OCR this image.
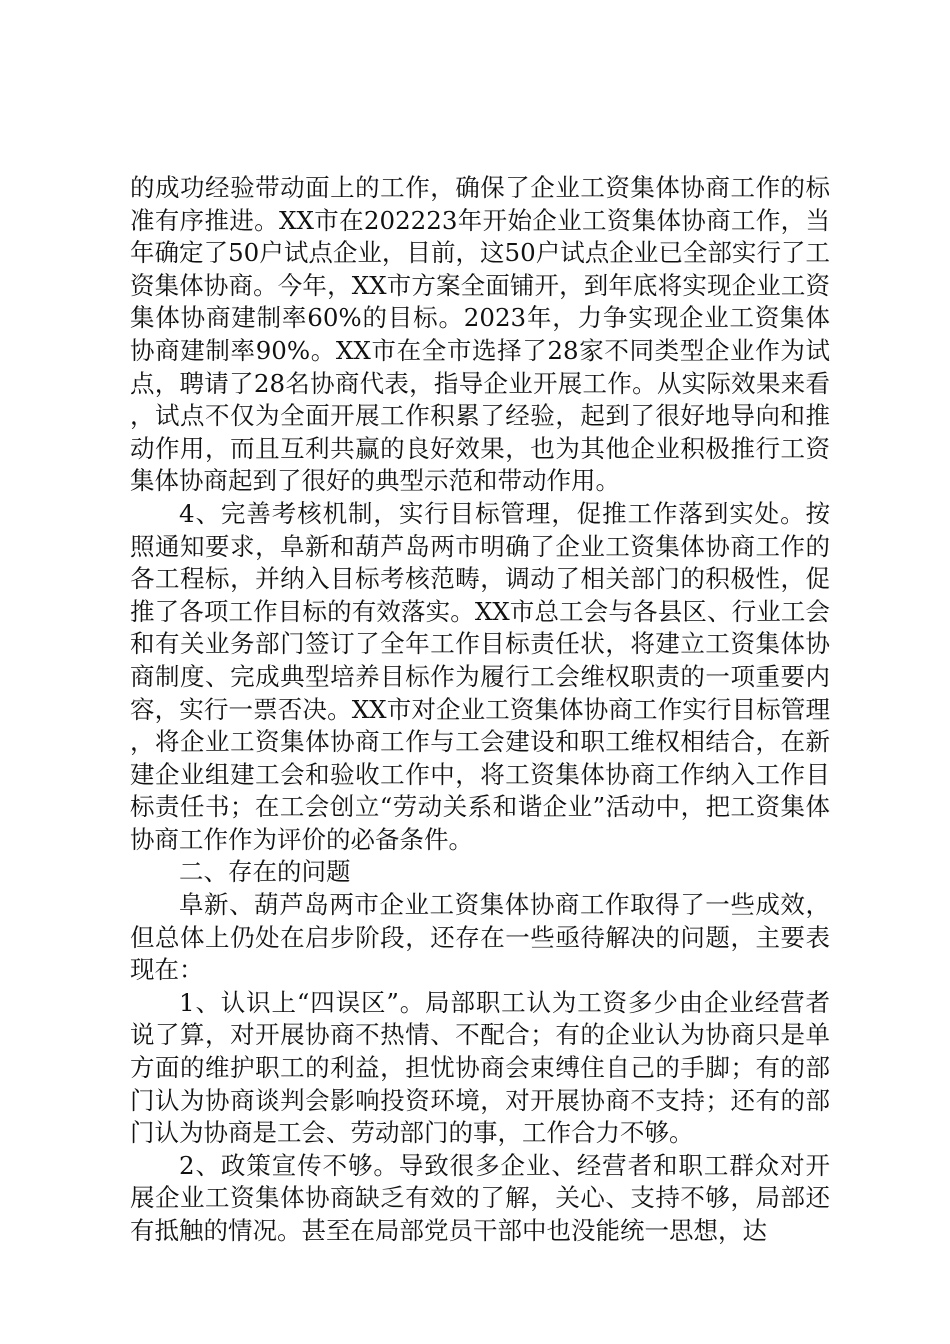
的成功经验带动面上的工作，确保了企业工资集体协商工作的标准有序推进。XX市在202223年开始企业工资集体协商工作，当年确定了50户试点企业，目前，这50户试点企业已全部实行了工资集体协商。今年，XX市方案全面铺开，到年底将实现企业工资集体协商建制率60%的目标。2023年，力争实现企业工资集体协商建制率90%。XX市在全市选择了28家不同类型企业作为试点，聘请了28名协商代表，指导企业开展工作。从实际效果来看，试点不仅为全面开展工作积累了经验，起到了很好地导向和推动作用，而且互利共赢的良好效果，也为其他企业积极推行工资集体协商起到了很好的典型示范和带动作用。

4、完善考核机制，实行目标管理，促推工作落到实处。按照通知要求，阜新和葫芦岛两市明确了企业工资集体协商工作的各工程标，并纳入目标考核范畴，调动了相关部门的积极性，促推了各项工作目标的有效落实。XX市总工会与各县区、行业工会和有关业务部门签订了全年工作目标责任状，将建立工资集体协商制度、完成典型培养目标作为履行工会维权职责的一项重要内容，实行一票否决。XX市对企业工资集体协商工作实行目标管理，将企业工资集体协商工作与工会建设和职工维权相结合，在新建企业组建工会和验收工作中，将工资集体协商工作纳入工作目标责任书；在工会创立“劳动关系和谐企业”活动中，把工资集体协商工作作为评价的必备条件。

二、存在的问题

阜新、葫芦岛两市企业工资集体协商工作取得了一些成效，但总体上仍处在启步阶段，还存在一些亟待解决的问题，主要表现在：

1、认识上“四误区”。局部职工认为工资多少由企业经营者说了算，对开展协商不热情、不配合；有的企业认为协商只是单方面的维护职工的利益，担忧协商会束缚住自己的手脚；有的部门认为协商谈判会影响投资环境，对开展协商不支持；还有的部门认为协商是工会、劳动部门的事，工作合力不够。

2、政策宣传不够。导致很多企业、经营者和职工群众对开展企业工资集体协商缺乏有效的了解，关心、支持不够，局部还有抵触的情况。甚至在局部党员干部中也没能统一思想，达
